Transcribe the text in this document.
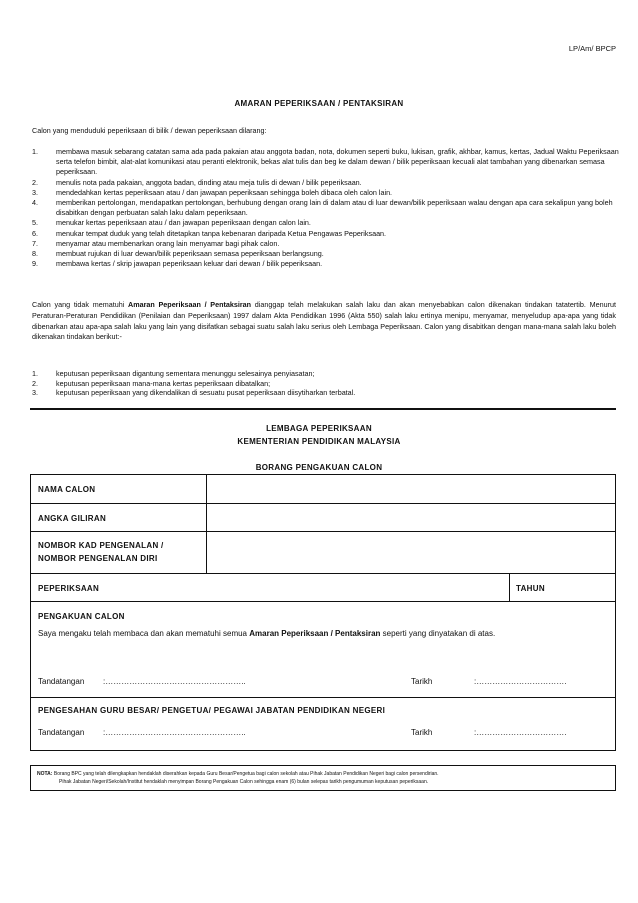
LP/Am/ BPCP
AMARAN PEPERIKSAAN / PENTAKSIRAN
Calon yang menduduki peperiksaan di bilik / dewan peperiksaan dilarang:
1.	membawa masuk sebarang catatan sama ada pada pakaian atau anggota badan, nota, dokumen seperti buku, lukisan, grafik, akhbar, kamus, kertas, Jadual Waktu Peperiksaan serta telefon bimbit, alat-alat komunikasi atau peranti elektronik, bekas alat tulis dan beg ke dalam dewan / bilik peperiksaan kecuali alat tambahan yang dibenarkan semasa peperiksaan.
2.	menulis nota pada pakaian, anggota badan, dinding atau meja tulis di dewan / bilik peperiksaan.
3.	mendedahkan kertas peperiksaan atau / dan jawapan peperiksaan sehingga boleh dibaca oleh calon lain.
4.	memberikan pertolongan, mendapatkan pertolongan, berhubung dengan orang lain di dalam atau di luar dewan/bilik peperiksaan walau dengan apa cara sekalipun yang boleh disabitkan dengan perbuatan salah laku dalam peperiksaan.
5.	menukar kertas peperiksaan atau / dan jawapan peperiksaan dengan calon lain.
6.	menukar tempat duduk yang telah ditetapkan tanpa kebenaran daripada Ketua Pengawas Peperiksaan.
7.	menyamar atau membenarkan orang lain menyamar bagi pihak calon.
8.	membuat rujukan di luar dewan/bilik peperiksaan semasa peperiksaan berlangsung.
9.	membawa kertas / skrip jawapan peperiksaan keluar dari dewan / bilik peperiksaan.
Calon yang tidak mematuhi Amaran Peperiksaan / Pentaksiran dianggap telah melakukan salah laku dan akan menyebabkan calon dikenakan tindakan tatatertib. Menurut Peraturan-Peraturan Pendidikan (Penilaian dan Peperiksaan) 1997 dalam Akta Pendidikan 1996 (Akta 550) salah laku ertinya menipu, menyamar, menyeludup apa-apa yang tidak dibenarkan atau apa-apa salah laku yang lain yang disifatkan sebagai suatu salah laku serius oleh Lembaga Peperiksaan. Calon yang disabitkan dengan mana-mana salah laku boleh dikenakan tindakan berikut:-
1.	keputusan peperiksaan digantung sementara menunggu selesainya penyiasatan;
2.	keputusan peperiksaan mana-mana kertas peperiksaan dibatalkan;
3.	keputusan peperiksaan yang dikendalikan di sesuatu pusat peperiksaan diisytiharkan terbatal.
LEMBAGA PEPERIKSAAN
KEMENTERIAN PENDIDIKAN MALAYSIA
BORANG PENGAKUAN CALON
NAMA CALON
ANGKA GILIRAN
NOMBOR KAD PENGENALAN /
NOMBOR PENGENALAN DIRI
PEPERIKSAAN	TAHUN
PENGAKUAN CALON
Saya mengaku telah membaca dan akan mematuhi semua Amaran Peperiksaan / Pentaksiran seperti yang dinyatakan di atas.
Tandatangan :……………………………………………..	Tarikh	:…………………………….
PENGESAHAN GURU BESAR/ PENGETUA/ PEGAWAI JABATAN PENDIDIKAN NEGERI
Tandatangan :……………………………………………..	Tarikh	:…………………………….
NOTA: Borang BPC yang telah dilengkapkan hendaklah diserahkan kepada Guru Besar/Pengetua bagi calon sekolah atau Pihak Jabatan Pendidikan Negeri bagi calon persendirian.
Pihak Jabatan Negeri/Sekolah/Institut hendaklah menyimpan Borang Pengakuan Calon sehingga enam (6) bulan selepas tarikh pengumuman keputusan peperiksaan.
